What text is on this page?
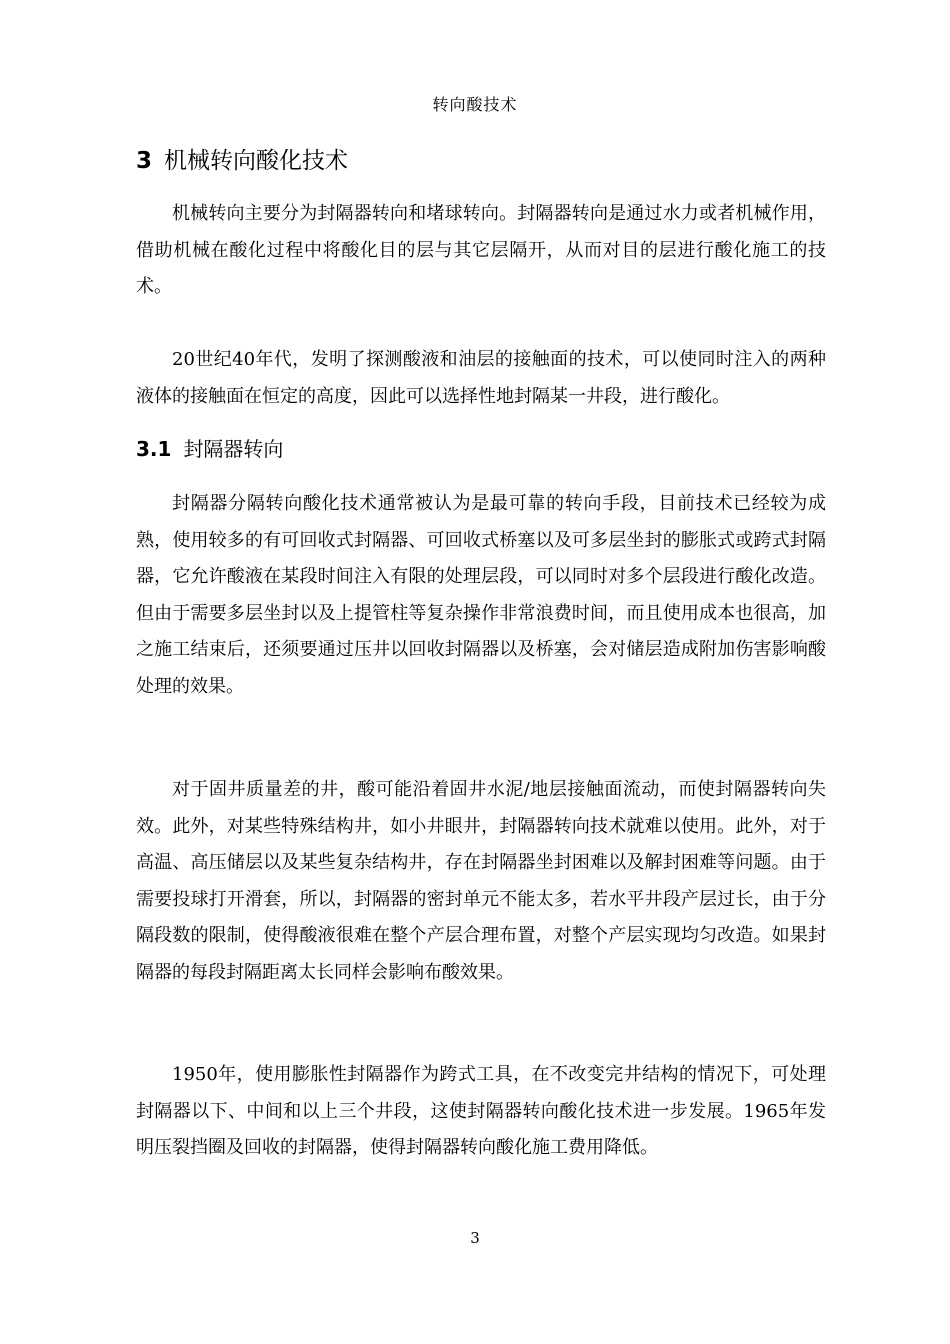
转向酸技术
3 机械转向酸化技术

机械转向主要分为封隔器转向和堵球转向。封隔器转向是通过水力或者机械作用，借助机械在酸化过程中将酸化目的层与其它层隔开，从而对目的层进行酸化施工的技术。

20世纪40年代，发明了探测酸液和油层的接触面的技术，可以使同时注入的两种液体的接触面在恒定的高度，因此可以选择性地封隔某一井段，进行酸化。

3.1 封隔器转向

封隔器分隔转向酸化技术通常被认为是最可靠的转向手段，目前技术已经较为成熟，使用较多的有可回收式封隔器、可回收式桥塞以及可多层坐封的膨胀式或跨式封隔器，它允许酸液在某段时间注入有限的处理层段，可以同时对多个层段进行酸化改造。但由于需要多层坐封以及上提管柱等复杂操作非常浪费时间，而且使用成本也很高，加之施工结束后，还须要通过压井以回收封隔器以及桥塞，会对储层造成附加伤害影响酸处理的效果。

对于固井质量差的井，酸可能沿着固井水泥/地层接触面流动，而使封隔器转向失效。此外，对某些特殊结构井，如小井眼井，封隔器转向技术就难以使用。此外，对于高温、高压储层以及某些复杂结构井，存在封隔器坐封困难以及解封困难等问题。由于需要投球打开滑套，所以，封隔器的密封单元不能太多，若水平井段产层过长，由于分隔段数的限制，使得酸液很难在整个产层合理布置，对整个产层实现均匀改造。如果封隔器的每段封隔距离太长同样会影响布酸效果。

1950年，使用膨胀性封隔器作为跨式工具，在不改变完井结构的情况下，可处理封隔器以下、中间和以上三个井段，这使封隔器转向酸化技术进一步发展。1965年发明压裂挡圈及回收的封隔器，使得封隔器转向酸化施工费用降低。

3
